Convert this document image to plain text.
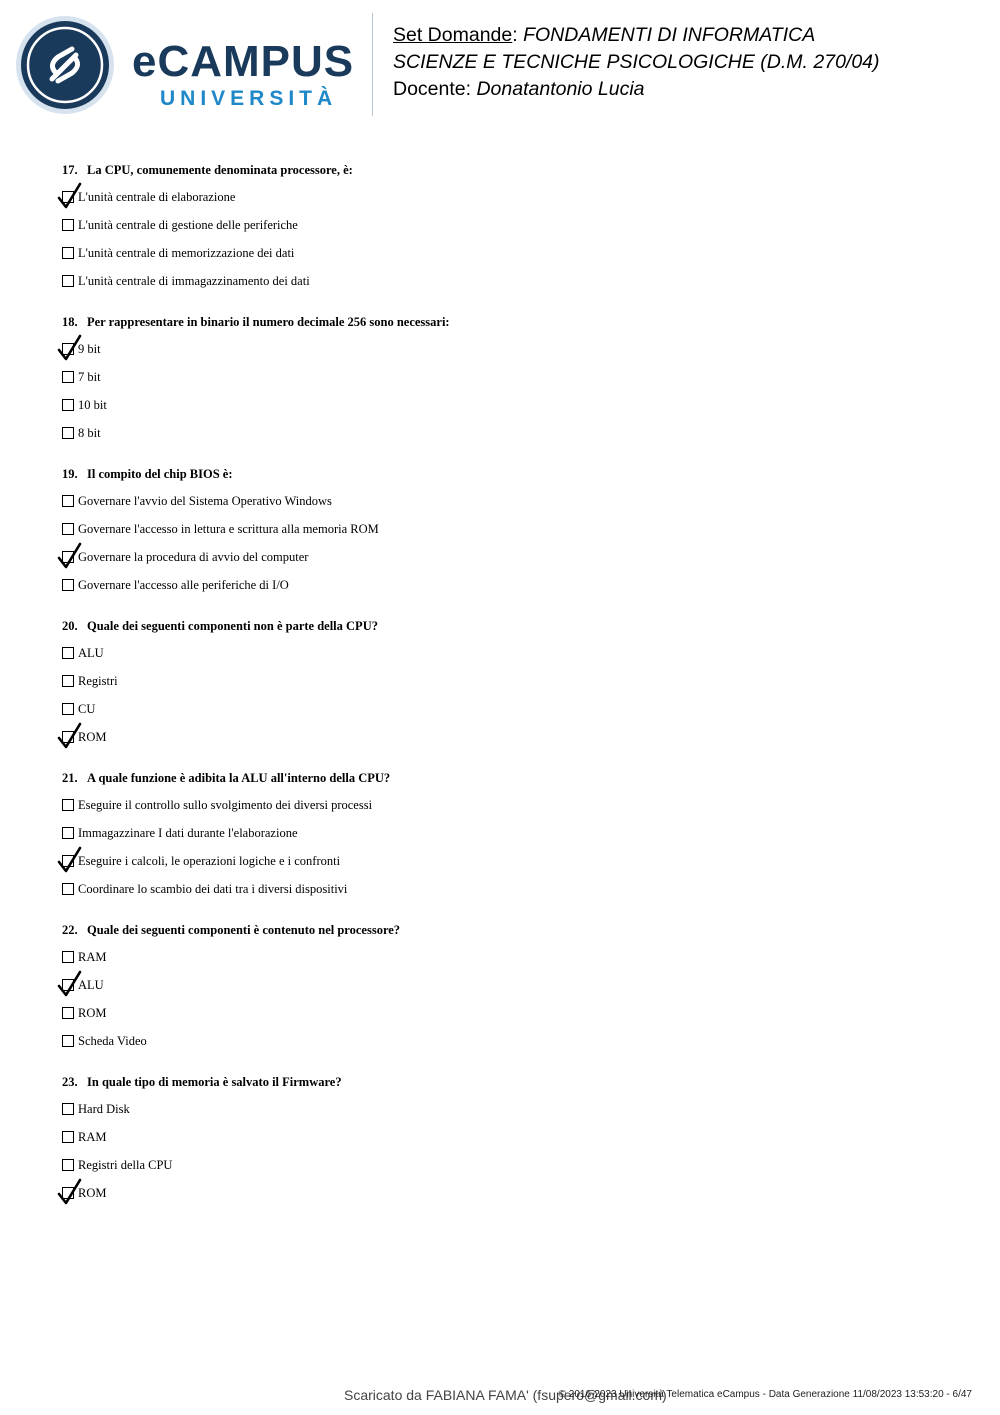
eCAMPUS
UNIVERSITÀ
Set Domande: FONDAMENTI DI INFORMATICA
SCIENZE E TECNICHE PSICOLOGICHE (D.M. 270/04)
Docente: Donatantonio Lucia
17. La CPU, comunemente denominata processore, è:
L'unità centrale di elaborazione
L'unità centrale di gestione delle periferiche
L'unità centrale di memorizzazione dei dati
L'unità centrale di immagazzinamento dei dati
18. Per rappresentare in binario il numero decimale 256 sono necessari:
9 bit
7 bit
10 bit
8 bit
19. Il compito del chip BIOS è:
Governare l'avvio del Sistema Operativo Windows
Governare l'accesso in lettura e scrittura alla memoria ROM
Governare la procedura di avvio del computer
Governare l'accesso alle periferiche di I/O
20. Quale dei seguenti componenti non è parte della CPU?
ALU
Registri
CU
ROM
21. A quale funzione è adibita la ALU all'interno della CPU?
Eseguire il controllo sullo svolgimento dei diversi processi
Immagazzinare I dati durante l'elaborazione
Eseguire i calcoli, le operazioni logiche e i confronti
Coordinare lo scambio dei dati tra i diversi dispositivi
22. Quale dei seguenti componenti è contenuto nel processore?
RAM
ALU
ROM
Scheda Video
23. In quale tipo di memoria è salvato il Firmware?
Hard Disk
RAM
Registri della CPU
ROM
Scaricato da FABIANA FAMA' (fsupero@gmail.com)
© 2016-2023 Università Telematica eCampus - Data Generazione 11/08/2023 13:53:20 - 6/47
